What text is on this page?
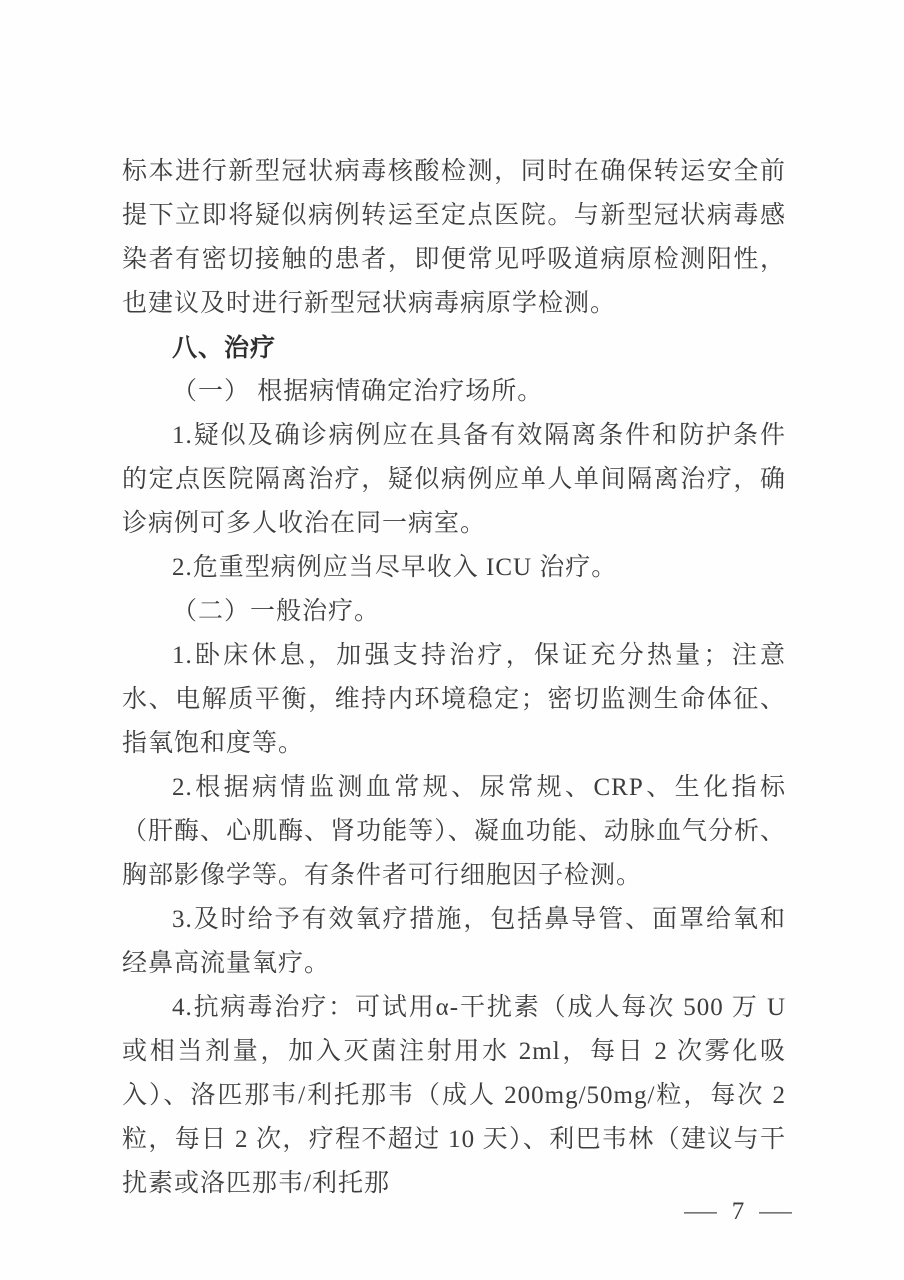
标本进行新型冠状病毒核酸检测，同时在确保转运安全前提下立即将疑似病例转运至定点医院。与新型冠状病毒感染者有密切接触的患者，即便常见呼吸道病原检测阳性，也建议及时进行新型冠状病毒病原学检测。

八、治疗

（一） 根据病情确定治疗场所。

1.疑似及确诊病例应在具备有效隔离条件和防护条件的定点医院隔离治疗，疑似病例应单人单间隔离治疗，确诊病例可多人收治在同一病室。

2.危重型病例应当尽早收入 ICU 治疗。

（二）一般治疗。

1.卧床休息，加强支持治疗，保证充分热量；注意水、电解质平衡，维持内环境稳定；密切监测生命体征、指氧饱和度等。

2.根据病情监测血常规、尿常规、CRP、生化指标（肝酶、心肌酶、肾功能等）、凝血功能、动脉血气分析、胸部影像学等。有条件者可行细胞因子检测。

3.及时给予有效氧疗措施，包括鼻导管、面罩给氧和经鼻高流量氧疗。

4.抗病毒治疗：可试用α-干扰素（成人每次 500 万 U 或相当剂量，加入灭菌注射用水 2ml，每日 2 次雾化吸入）、洛匹那韦/利托那韦（成人 200mg/50mg/粒，每次 2 粒，每日 2 次，疗程不超过 10 天）、利巴韦林（建议与干扰素或洛匹那韦/利托那

— 7 —
